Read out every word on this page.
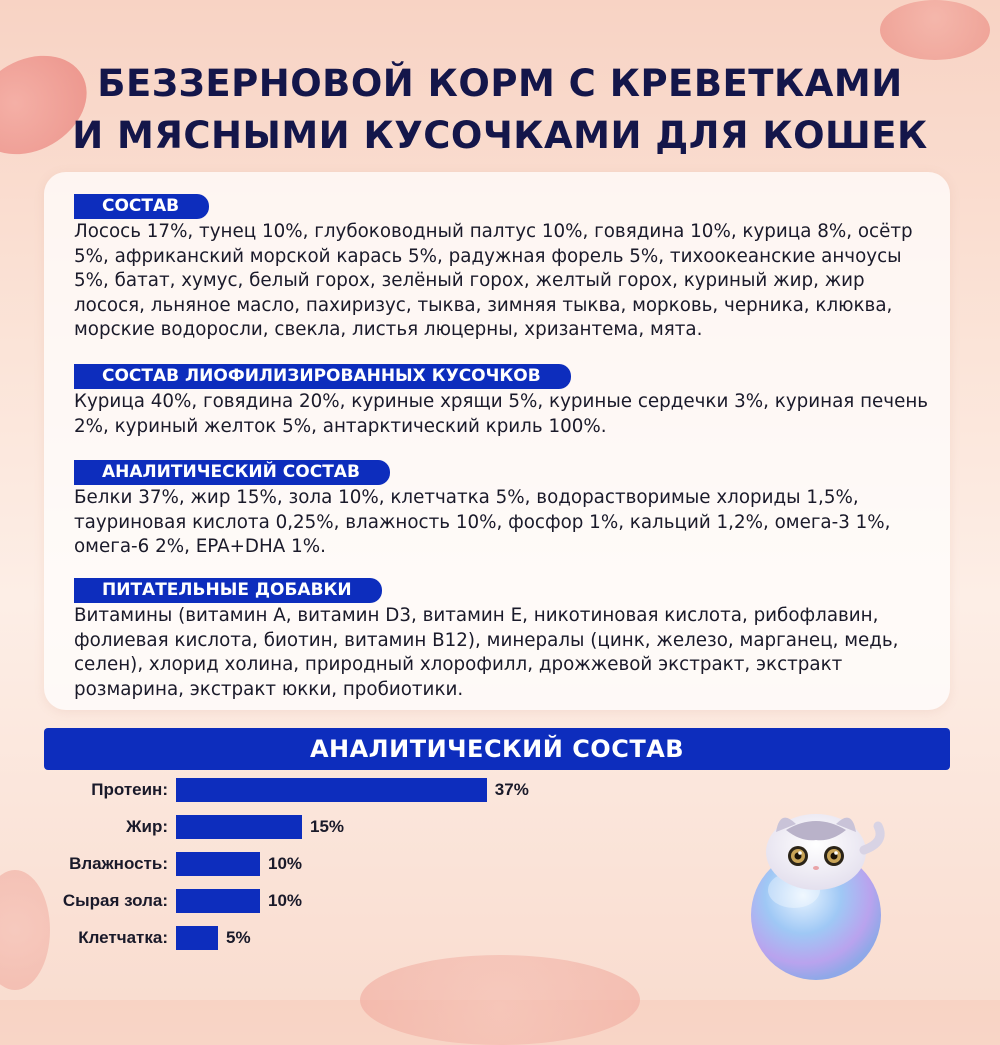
БЕЗЗЕРНОВОЙ КОРМ С КРЕВЕТКАМИ
И МЯСНЫМИ КУСОЧКАМИ ДЛЯ КОШЕК
СОСТАВ
Лосось 17%, тунец 10%, глубоководный палтус 10%, говядина 10%, курица 8%, осётр 5%, африканский морской карась 5%, радужная форель 5%, тихоокеанские анчоусы 5%, батат, хумус, белый горох, зелёный горох, желтый горох, куриный жир, жир лосося, льняное масло, пахиризус, тыква, зимняя тыква, морковь, черника, клюква, морские водоросли, свекла, листья люцерны, хризантема, мята.
СОСТАВ ЛИОФИЛИЗИРОВАННЫХ КУСОЧКОВ
Курица 40%, говядина 20%, куриные хрящи 5%, куриные сердечки 3%, куриная печень 2%, куриный желток 5%, антарктический криль 100%.
АНАЛИТИЧЕСКИЙ СОСТАВ
Белки 37%, жир 15%, зола 10%, клетчатка 5%, водорастворимые хлориды 1,5%, тауриновая кислота 0,25%, влажность 10%, фосфор 1%, кальций 1,2%, омега-3 1%, омега-6 2%, EPA+DHA 1%.
ПИТАТЕЛЬНЫЕ ДОБАВКИ
Витамины (витамин А, витамин D3, витамин Е, никотиновая кислота, рибофлавин, фолиевая кислота, биотин, витамин В12), минералы (цинк, железо, марганец, медь, селен), хлорид холина, природный хлорофилл, дрожжевой экстракт, экстракт розмарина, экстракт юкки, пробиотики.
АНАЛИТИЧЕСКИЙ СОСТАВ
Протеин:	37%
Жир:	15%
Влажность:	10%
Сырая зола:	10%
Клетчатка:	5%
